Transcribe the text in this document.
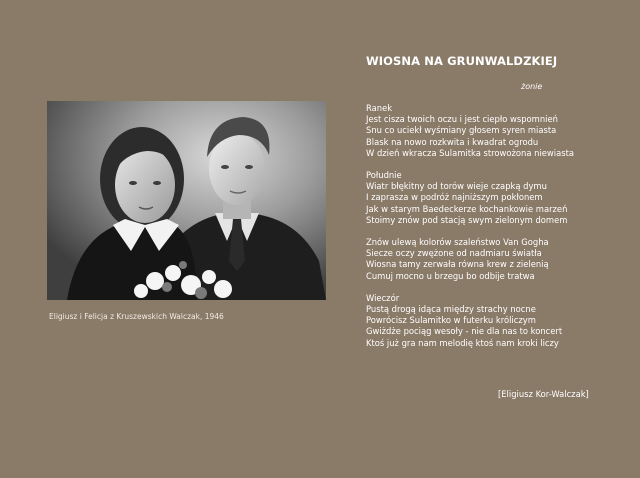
Eligiusz i Felicja z Kruszewskich Walczak, 1946
WIOSNA NA GRUNWALDZKIEJ
żonie
Ranek
Jest cisza twoich oczu i jest ciepło wspomnień
Snu co uciekł wyśmiany głosem syren miasta
Blask na nowo rozkwita i kwadrat ogrodu
W dzień wkracza Sulamitka strowożona niewiasta
Południe
Wiatr błękitny od torów wieje czapką dymu
I zaprasza w podróż najniższym pokłonem
Jak w starym Baedeckerze kochankowie marzeń
Stoimy znów pod stacją swym zielonym domem
Znów ulewą kolorów szaleństwo Van Gogha
Siecze oczy zwężone od nadmiaru światła
Wiosna tamy zerwała równa krew z zielenią
Cumuj mocno u brzegu bo odbije tratwa
Wieczór
Pustą drogą idąca między strachy nocne
Powrócisz Sulamitko w futerku króliczym
Gwiżdże pociąg wesoły - nie dla nas to koncert
Ktoś już gra nam melodię ktoś nam kroki liczy
[Eligiusz Kor-Walczak]
